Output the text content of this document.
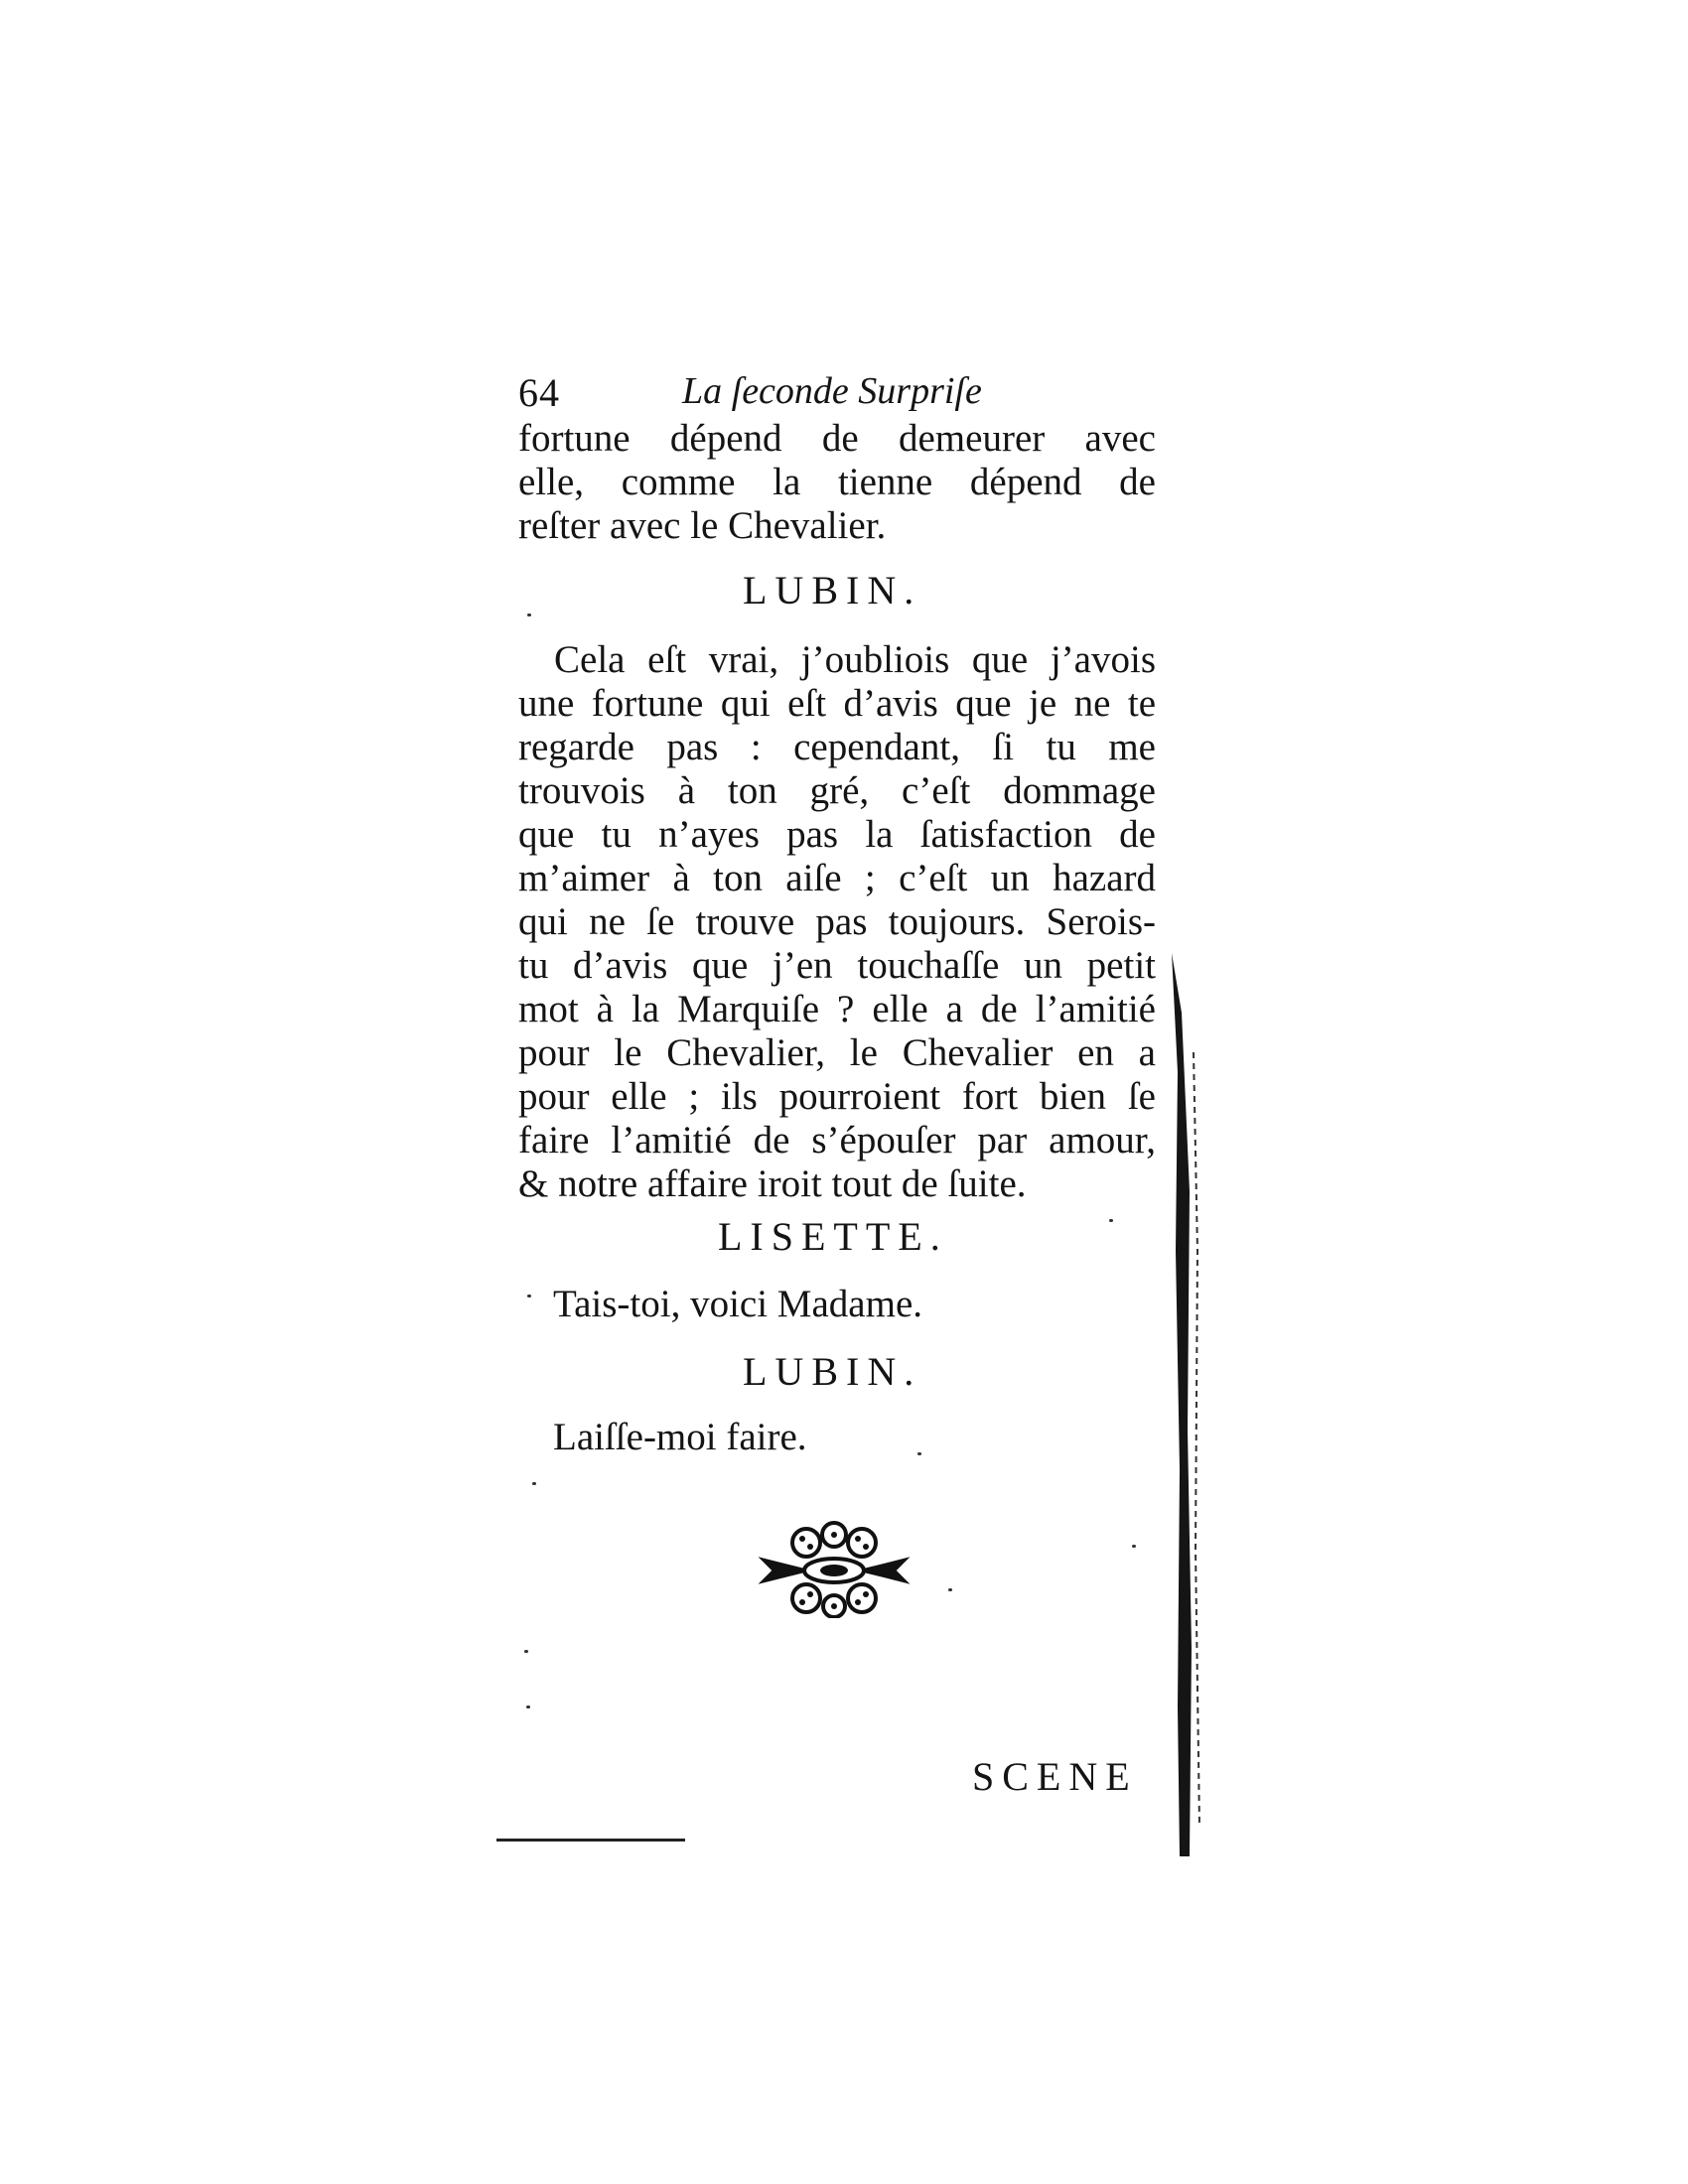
64	La ſeconde Surpriſe
fortune dépend de demeurer avec
elle, comme la tienne dépend de
reſter avec le Chevalier.
LUBIN.
Cela eſt vrai, j’oubliois que j’avois
une fortune qui eſt d’avis que je ne te
regarde pas : cependant, ſi tu me
trouvois à ton gré, c’eſt dommage
que tu n’ayes pas la ſatisfaction de
m’aimer à ton aiſe ; c’eſt un hazard
qui ne ſe trouve pas toujours. Serois-
tu d’avis que j’en touchaſſe un petit
mot à la Marquiſe ? elle a de l’amitié
pour le Chevalier, le Chevalier en a
pour elle ; ils pourroient fort bien ſe
faire l’amitié de s’épouſer par amour,
& notre affaire iroit tout de ſuite.
LISETTE.
Tais-toi, voici Madame.
LUBIN.
Laiſſe-moi faire.
SCENE
